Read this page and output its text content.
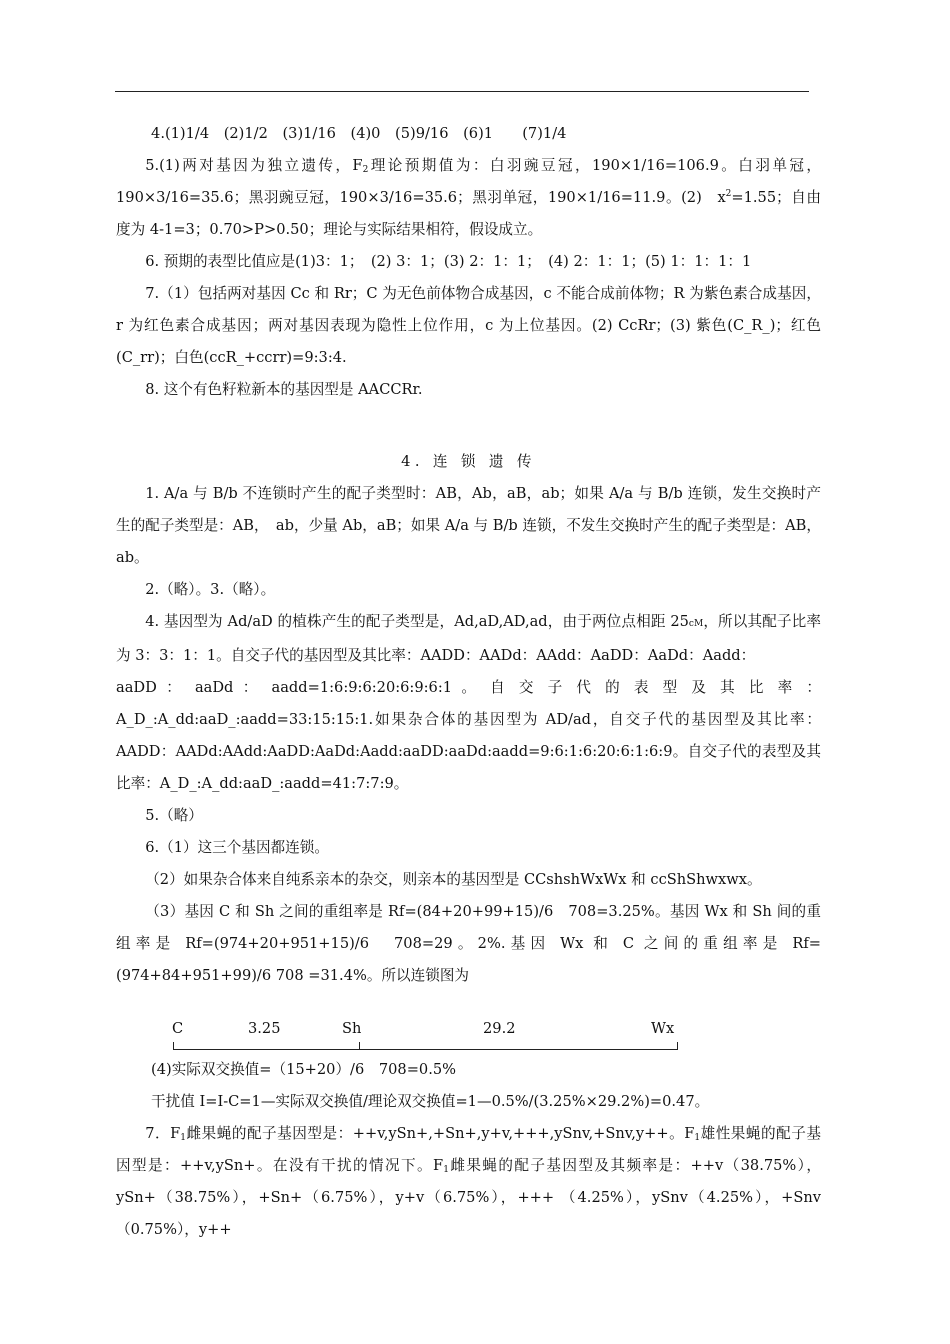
4.(1)1/4　(2)1/2　(3)1/16　(4)0　(5)9/16　(6)1　　(7)1/4

5.(1)两对基因为独立遗传，$F_2$理论预期值为：白羽豌豆冠，190×1/16=106.9。白羽单冠，190×3/16=35.6；黑羽豌豆冠，190×3/16=35.6；黑羽单冠，190×1/16=11.9。(2)　$x^2=1.55$；自由度为 4-1=3；0.70>P>0.50；理论与实际结果相符，假设成立。

6. 预期的表型比值应是(1)3：1；　(2) 3：1；(3) 2：1：1；　(4) 2：1：1；(5) 1：1：1：1

7.（1）包括两对基因 Cc 和 Rr；C 为无色前体物合成基因，c 不能合成前体物；R 为紫色素合成基因，r 为红色素合成基因；两对基因表现为隐性上位作用，c 为上位基因。(2) CcRr；(3) 紫色(C_R_)；红色(C_rr)；白色(ccR_+ccrr)=9:3:4.

8. 这个有色籽粒新本的基因型是 AACCRr.

4. 连 锁 遗 传

1. A/a 与 B/b 不连锁时产生的配子类型时：AB，Ab，aB，ab；如果 A/a 与 B/b 连锁，发生交换时产生的配子类型是：AB，　ab，少量 Ab，aB；如果 A/a 与 B/b 连锁，不发生交换时产生的配子类型是：AB，ab。

2.（略）。3.（略）。

4. 基因型为 Ad/aD 的植株产生的配子类型是，Ad,aD,AD,ad，由于两位点相距 25cM，所以其配子比率为 3：3：1：1。自交子代的基因型及其比率：AADD：AADd：AAdd：AaDD：AaDd：Aadd：

aaDD ： aaDd ： aadd=1:6:9:6:20:6:9:6:1 。 自 交 子 代 的 表 型 及 其 比 率 ：

A_D_:A_dd:aaD_:aadd=33:15:15:1.如果杂合体的基因型为 AD/ad，自交子代的基因型及其比率：AADD：AADd:AAdd:AaDD:AaDd:Aadd:aaDD:aaDd:aadd=9:6:1:6:20:6:1:6:9。自交子代的表型及其比率：A_D_:A_dd:aaD_:aadd=41:7:7:9。

5.（略）

6.（1）这三个基因都连锁。

（2）如果杂合体来自纯系亲本的杂交，则亲本的基因型是 CCshshWxWx 和 ccShShwxwx。

（3）基因 C 和 Sh 之间的重组率是 Rf=(84+20+99+15)/6　708=3.25%。基因 Wx 和 Sh 间的重组率是 Rf=(974+20+951+15)/6　708=29。2%.基因 Wx 和 C 之间的重组率是 Rf=(974+84+951+99)/6 708 =31.4%。所以连锁图为

C	3.25	Sh	29.2	Wx

(4)实际双交换值=（15+20）/6　708=0.5%

干扰值 I=I-C=1—实际双交换值/理论双交换值=1—0.5%/(3.25%×29.2%)=0.47。

7．$F_1$雌果蝇的配子基因型是：++v,ySn+,+Sn+,y+v,+++,ySnv,+Snv,y++。$F_1$雄性果蝇的配子基因型是：++v,ySn+。在没有干扰的情况下。$F_1$雌果蝇的配子基因型及其频率是：++v（38.75%），ySn+（38.75%），+Sn+（6.75%），y+v（6.75%），+++ （4.25%），ySnv（4.25%），+Snv（0.75%），y++
